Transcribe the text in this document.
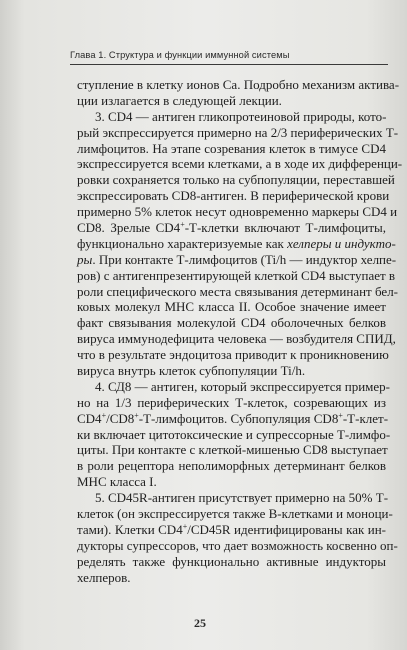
Глава 1. Структура и функции иммунной системы
ступление в клетку ионов Са. Подробно механизм актива-
ции излагается в следующей лекции.
3. CD4 — антиген гликопротеиновой природы, кото-
рый экспрессируется примерно на 2/3 периферических Т-
лимфоцитов. На этапе созревания клеток в тимусе CD4
экспрессируется всеми клетками, а в ходе их дифференци-
ровки сохраняется только на субпопуляции, переставшей
экспрессировать CD8-антиген. В периферической крови
примерно 5% клеток несут одновременно маркеры CD4 и
CD8. Зрелые CD4+-Т-клетки включают Т-лимфоциты,
функционально характеризуемые как хелперы и индукто-
ры. При контакте Т-лимфоцитов (Ti/h — индуктор хелпе-
ров) с антигенпрезентирующей клеткой CD4 выступает в
роли специфического места связывания детерминант бел-
ковых молекул МНС класса II. Особое значение имеет
факт связывания молекулой CD4 оболочечных белков
вируса иммунодефицита человека — возбудителя СПИД,
что в результате эндоцитоза приводит к проникновению
вируса внутрь клеток субпопуляции Ti/h.
4. СД8 — антиген, который экспрессируется пример-
но на 1/3 периферических Т-клеток, созревающих из
CD4+/CD8+-Т-лимфоцитов. Субпопуляция CD8+-Т-клет-
ки включает цитотоксические и супрессорные Т-лимфо-
циты. При контакте с клеткой-мишенью CD8 выступает
в роли рецептора неполиморфных детерминант белков
МНС класса I.
5. CD45R-антиген присутствует примерно на 50% Т-
клеток (он экспрессируется также В-клетками и моноци-
тами). Клетки CD4+/CD45R идентифицированы как ин-
дукторы супрессоров, что дает возможность косвенно оп-
ределять также функционально активные индукторы
хелперов.
25
